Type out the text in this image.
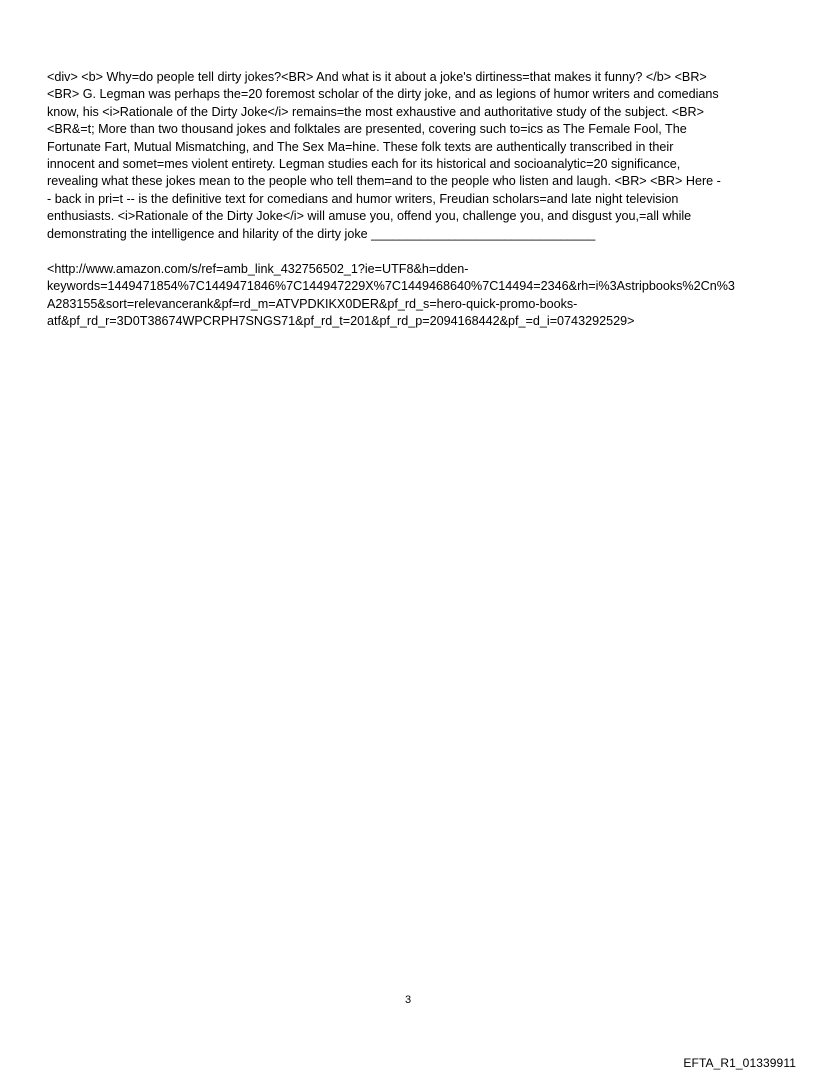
<div> <b> Why=do people tell dirty jokes?<BR> And what is it about a joke's dirtiness=that makes it funny? </b> <BR>
<BR> G. Legman was perhaps the=20 foremost scholar of the dirty joke, and as legions of humor writers and comedians
know, his <i>Rationale of the Dirty Joke</i> remains=the most exhaustive and authoritative study of the subject. <BR>
<BR&=t; More than two thousand jokes and folktales are presented, covering such to=ics as The Female Fool, The
Fortunate Fart, Mutual Mismatching, and The Sex Ma=hine. These folk texts are authentically transcribed in their
innocent and somet=mes violent entirety. Legman studies each for its historical and socioanalytic=20 significance,
revealing what these jokes mean to the people who tell them=and to the people who listen and laugh. <BR> <BR> Here -
- back in pri=t -- is the definitive text for comedians and humor writers, Freudian scholars=and late night television
enthusiasts. <i>Rationale of the Dirty Joke</i> will amuse you, offend you, challenge you, and disgust you,=all while
demonstrating the intelligence and hilarity of the dirty joke ________________________________
<http://www.amazon.com/s/ref=amb_link_432756502_1?ie=UTF8&h=dden-
keywords=1449471854%7C1449471846%7C144947229X%7C1449468640%7C14494=2346&rh=i%3Astripbooks%2Cn%3
A283155&sort=relevancerank&pf=rd_m=ATVPDKIKX0DER&pf_rd_s=hero-quick-promo-books-
atf&pf_rd_r=3D0T38674WPCRPH7SNGS71&pf_rd_t=201&pf_rd_p=2094168442&pf_=d_i=0743292529>
3
EFTA_R1_01339911
